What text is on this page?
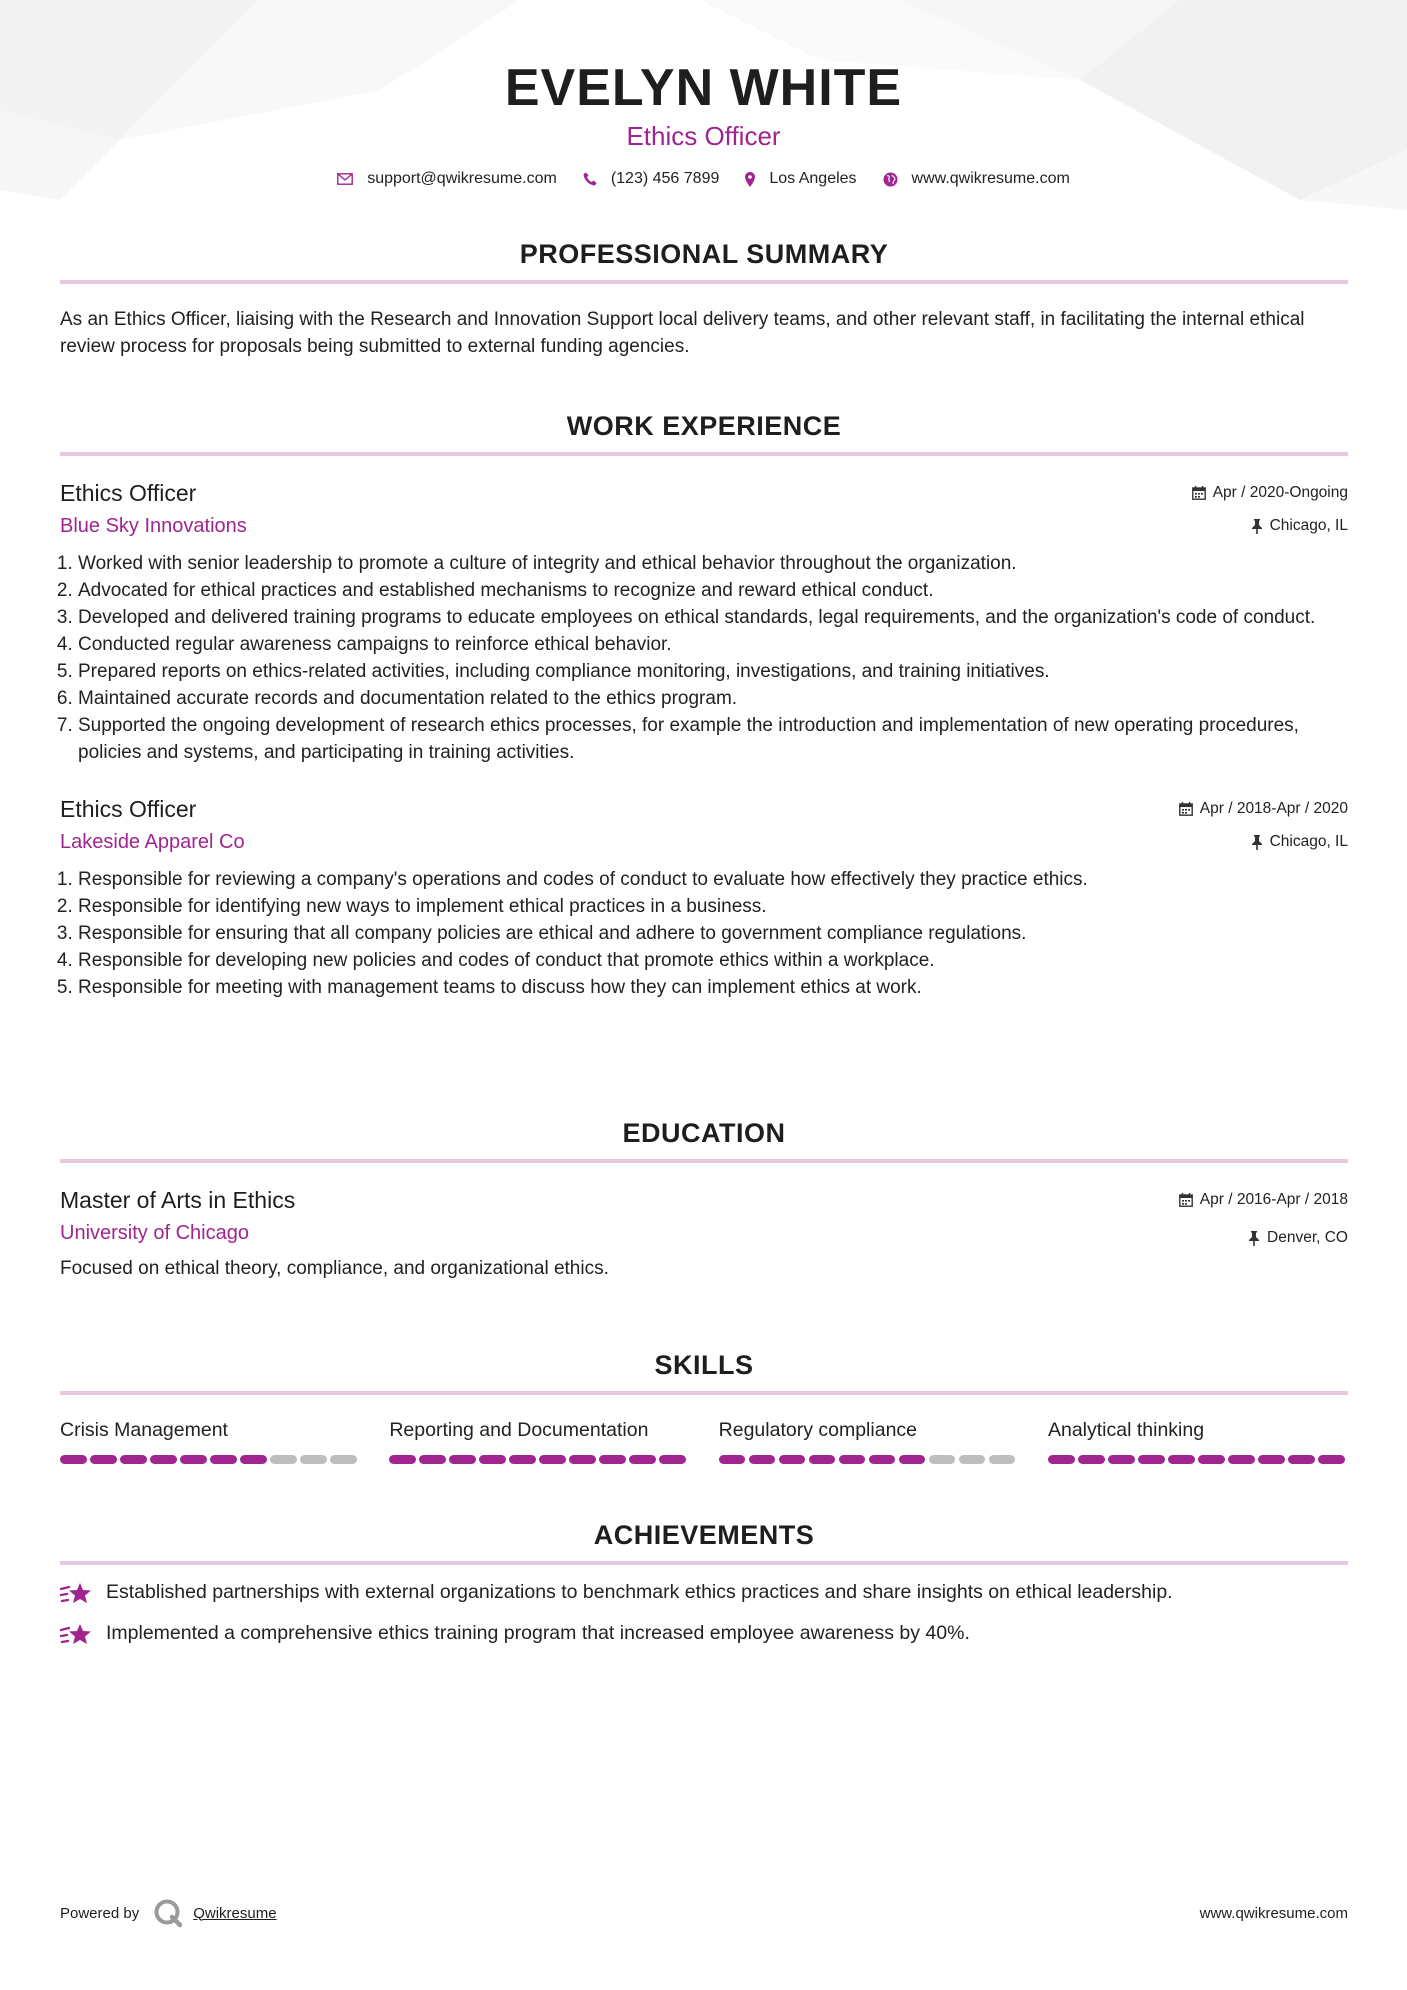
EVELYN WHITE
Ethics Officer
support@qwikresume.com	(123) 456 7899	Los Angeles	www.qwikresume.com
PROFESSIONAL SUMMARY
As an Ethics Officer, liaising with the Research and Innovation Support local delivery teams, and other relevant staff, in facilitating the internal ethical review process for proposals being submitted to external funding agencies.
WORK EXPERIENCE
Ethics Officer
Blue Sky Innovations
Apr / 2020-Ongoing
Chicago, IL
1. Worked with senior leadership to promote a culture of integrity and ethical behavior throughout the organization.
2. Advocated for ethical practices and established mechanisms to recognize and reward ethical conduct.
3. Developed and delivered training programs to educate employees on ethical standards, legal requirements, and the organization's code of conduct.
4. Conducted regular awareness campaigns to reinforce ethical behavior.
5. Prepared reports on ethics-related activities, including compliance monitoring, investigations, and training initiatives.
6. Maintained accurate records and documentation related to the ethics program.
7. Supported the ongoing development of research ethics processes, for example the introduction and implementation of new operating procedures, policies and systems, and participating in training activities.
Ethics Officer
Lakeside Apparel Co
Apr / 2018-Apr / 2020
Chicago, IL
1. Responsible for reviewing a company's operations and codes of conduct to evaluate how effectively they practice ethics.
2. Responsible for identifying new ways to implement ethical practices in a business.
3. Responsible for ensuring that all company policies are ethical and adhere to government compliance regulations.
4. Responsible for developing new policies and codes of conduct that promote ethics within a workplace.
5. Responsible for meeting with management teams to discuss how they can implement ethics at work.
EDUCATION
Master of Arts in Ethics
University of Chicago
Apr / 2016-Apr / 2018
Denver, CO
Focused on ethical theory, compliance, and organizational ethics.
SKILLS
Crisis Management	Reporting and Documentation	Regulatory compliance	Analytical thinking
ACHIEVEMENTS
Established partnerships with external organizations to benchmark ethics practices and share insights on ethical leadership.
Implemented a comprehensive ethics training program that increased employee awareness by 40%.
Powered by	Qwikresume	www.qwikresume.com
